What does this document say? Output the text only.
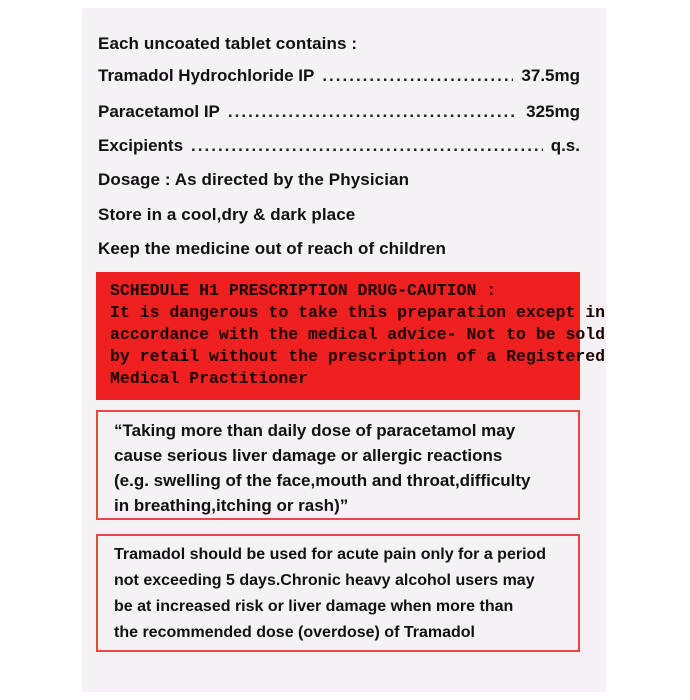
Each uncoated tablet contains :
Tramadol Hydrochloride IP .....	37.5mg
Paracetamol IP .....	325mg
Excipients .....	q.s.
Dosage : As directed by the Physician
Store in a cool,dry & dark place
Keep the medicine out of reach of children
SCHEDULE H1 PRESCRIPTION DRUG-CAUTION :
It is dangerous to take this preparation except in
accordance with the medical advice- Not to be sold
by retail without the prescription of a Registered
Medical Practitioner
“Taking more than daily dose of paracetamol may
cause serious liver damage or allergic reactions
(e.g. swelling of the face,mouth and throat,difficulty
in breathing,itching or rash)”
Tramadol should be used for acute pain only for a period
not exceeding 5 days.Chronic heavy alcohol users may
be at increased risk or liver damage when more than
the recommended dose (overdose) of Tramadol
